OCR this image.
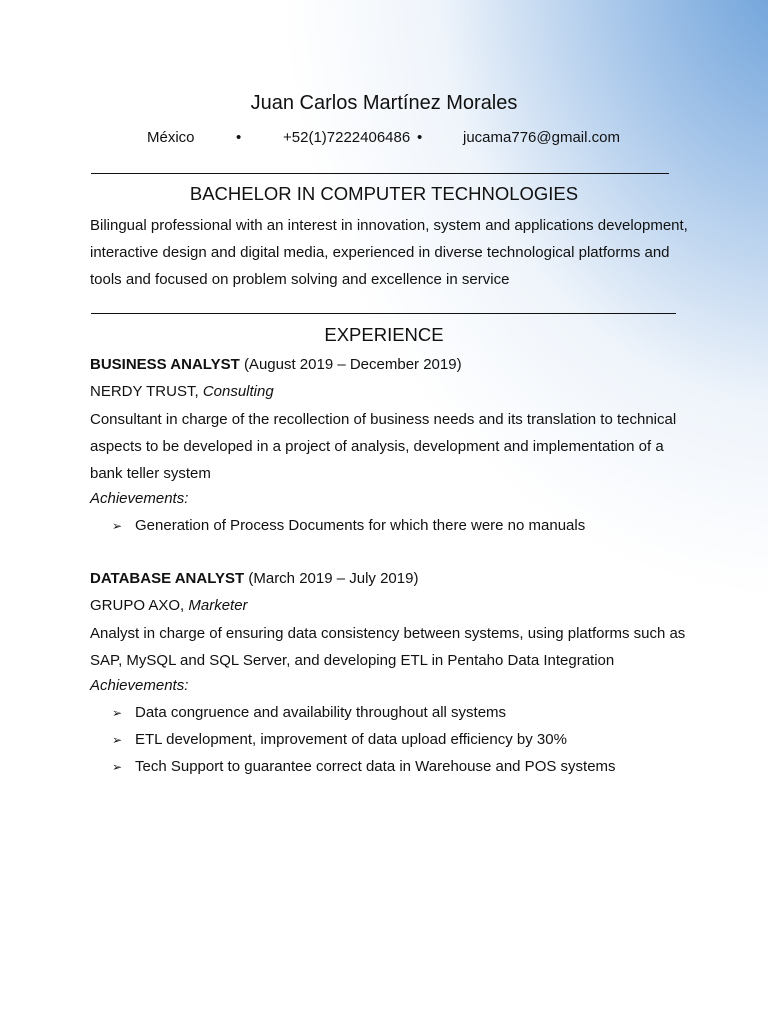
Juan Carlos Martínez Morales
México	•	+52(1)7222406486 •	jucama776@gmail.com
BACHELOR IN COMPUTER TECHNOLOGIES
Bilingual professional with an interest in innovation, system and applications development, interactive design and digital media, experienced in diverse technological platforms and tools and focused on problem solving and excellence in service
EXPERIENCE
BUSINESS ANALYST (August 2019 – December 2019)
NERDY TRUST, Consulting
Consultant in charge of the recollection of business needs and its translation to technical aspects to be developed in a project of analysis, development and implementation of a bank teller system
Achievements:
➢ Generation of Process Documents for which there were no manuals
DATABASE ANALYST (March 2019 – July 2019)
GRUPO AXO, Marketer
Analyst in charge of ensuring data consistency between systems, using platforms such as SAP, MySQL and SQL Server, and developing ETL in Pentaho Data Integration
Achievements:
➢ Data congruence and availability throughout all systems
➢ ETL development, improvement of data upload efficiency by 30%
➢ Tech Support to guarantee correct data in Warehouse and POS systems
